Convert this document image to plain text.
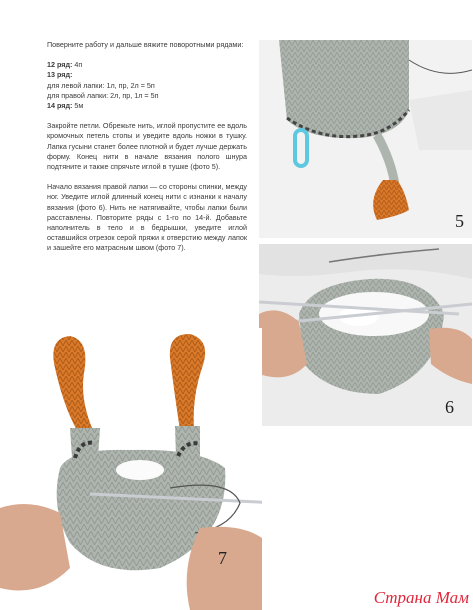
Поверните работу и дальше вяжите поворотными рядами:

12 ряд: 4п
13 ряд:
для левой лапки: 1л, пр, 2л = 5п
для правой лапки: 2л, пр, 1л = 5п
14 ряд: 5м

Закройте петли. Обрежьте нить, иглой пропустите ее вдоль кромочных петель стопы и уведите вдоль ножки в тушку. Лапка гусыни станет более плотной и будет лучше держать форму. Конец нити в начале вязания полого шнура подтяните и также спрячьте иглой в тушке (фото 5).

Начало вязания правой лапки — со стороны спинки, между ног. Уведите иглой длинный конец нити с изнанки к началу вязания (фото 6). Нить не натягивайте, чтобы лапки были расставлены. Повторите ряды с 1-го по 14-й. Добавьте наполнитель в тело и в бедрышки, уведите иглой оставшийся отрезок серой пряжи к отверстию между лапок и зашейте его матрасным швом (фото 7).

5
6
7
Страна Мам
